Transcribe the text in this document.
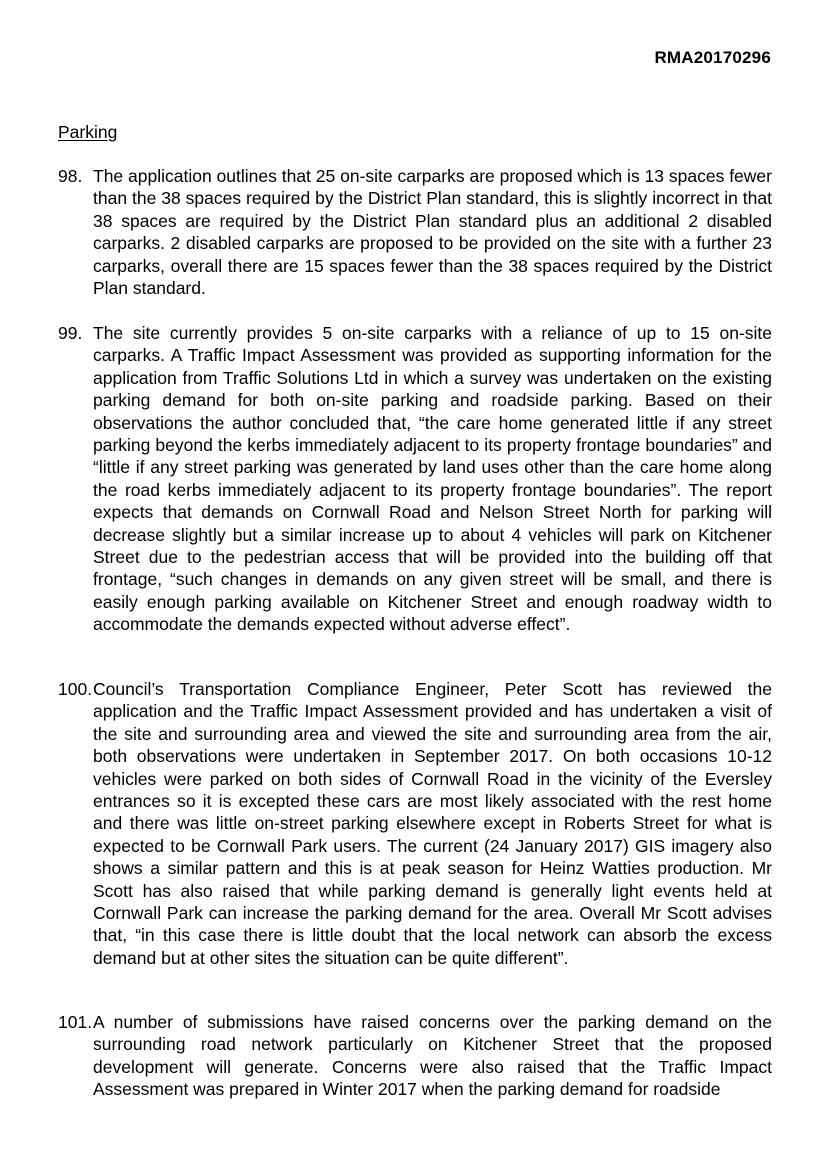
RMA20170296
Parking
98. The application outlines that 25 on-site carparks are proposed which is 13 spaces fewer than the 38 spaces required by the District Plan standard, this is slightly incorrect in that 38 spaces are required by the District Plan standard plus an additional 2 disabled carparks. 2 disabled carparks are proposed to be provided on the site with a further 23 carparks, overall there are 15 spaces fewer than the 38 spaces required by the District Plan standard.
99. The site currently provides 5 on-site carparks with a reliance of up to 15 on-site carparks. A Traffic Impact Assessment was provided as supporting information for the application from Traffic Solutions Ltd in which a survey was undertaken on the existing parking demand for both on-site parking and roadside parking. Based on their observations the author concluded that, “the care home generated little if any street parking beyond the kerbs immediately adjacent to its property frontage boundaries” and “little if any street parking was generated by land uses other than the care home along the road kerbs immediately adjacent to its property frontage boundaries”. The report expects that demands on Cornwall Road and Nelson Street North for parking will decrease slightly but a similar increase up to about 4 vehicles will park on Kitchener Street due to the pedestrian access that will be provided into the building off that frontage, “such changes in demands on any given street will be small, and there is easily enough parking available on Kitchener Street and enough roadway width to accommodate the demands expected without adverse effect”.
100. Council’s Transportation Compliance Engineer, Peter Scott has reviewed the application and the Traffic Impact Assessment provided and has undertaken a visit of the site and surrounding area and viewed the site and surrounding area from the air, both observations were undertaken in September 2017. On both occasions 10-12 vehicles were parked on both sides of Cornwall Road in the vicinity of the Eversley entrances so it is excepted these cars are most likely associated with the rest home and there was little on-street parking elsewhere except in Roberts Street for what is expected to be Cornwall Park users. The current (24 January 2017) GIS imagery also shows a similar pattern and this is at peak season for Heinz Watties production. Mr Scott has also raised that while parking demand is generally light events held at Cornwall Park can increase the parking demand for the area. Overall Mr Scott advises that, “in this case there is little doubt that the local network can absorb the excess demand but at other sites the situation can be quite different”.
101. A number of submissions have raised concerns over the parking demand on the surrounding road network particularly on Kitchener Street that the proposed development will generate. Concerns were also raised that the Traffic Impact Assessment was prepared in Winter 2017 when the parking demand for roadside
